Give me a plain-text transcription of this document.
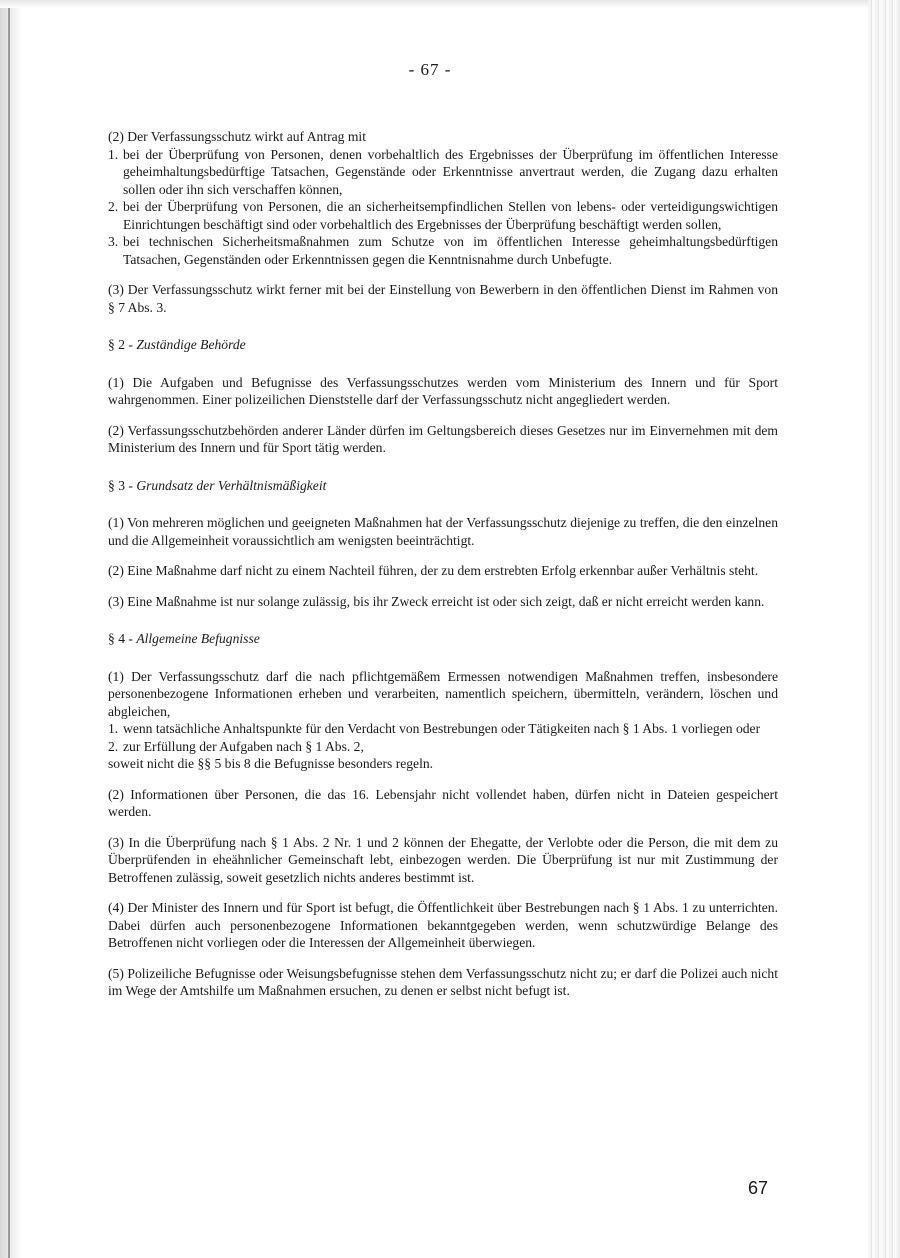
- 67 -

(2) Der Verfassungsschutz wirkt auf Antrag mit

1. bei der Überprüfung von Personen, denen vorbehaltlich des Ergebnisses der Überprüfung im öffentlichen Interesse geheimhaltungsbedürftige Tatsachen, Gegenstände oder Erkenntnisse anvertraut werden, die Zugang dazu erhalten sollen oder ihn sich verschaffen können,
2. bei der Überprüfung von Personen, die an sicherheitsempfindlichen Stellen von lebens- oder verteidigungswichtigen Einrichtungen beschäftigt sind oder vorbehaltlich des Ergebnisses der Überprüfung beschäftigt werden sollen,
3. bei technischen Sicherheitsmaßnahmen zum Schutze von im öffentlichen Interesse geheimhaltungsbedürftigen Tatsachen, Gegenständen oder Erkenntnissen gegen die Kenntnisnahme durch Unbefugte.

(3) Der Verfassungsschutz wirkt ferner mit bei der Einstellung von Bewerbern in den öffentlichen Dienst im Rahmen von § 7 Abs. 3.

§ 2 - Zuständige Behörde

(1) Die Aufgaben und Befugnisse des Verfassungsschutzes werden vom Ministerium des Innern und für Sport wahrgenommen. Einer polizeilichen Dienststelle darf der Verfassungsschutz nicht angegliedert werden.

(2) Verfassungsschutzbehörden anderer Länder dürfen im Geltungsbereich dieses Gesetzes nur im Einvernehmen mit dem Ministerium des Innern und für Sport tätig werden.

§ 3 - Grundsatz der Verhältnismäßigkeit

(1) Von mehreren möglichen und geeigneten Maßnahmen hat der Verfassungsschutz diejenige zu treffen, die den einzelnen und die Allgemeinheit voraussichtlich am wenigsten beeinträchtigt.

(2) Eine Maßnahme darf nicht zu einem Nachteil führen, der zu dem erstrebten Erfolg erkennbar außer Verhältnis steht.

(3) Eine Maßnahme ist nur solange zulässig, bis ihr Zweck erreicht ist oder sich zeigt, daß er nicht erreicht werden kann.

§ 4 - Allgemeine Befugnisse

(1) Der Verfassungsschutz darf die nach pflichtgemäßem Ermessen notwendigen Maßnahmen treffen, insbesondere personenbezogene Informationen erheben und verarbeiten, namentlich speichern, übermitteln, verändern, löschen und abgleichen,

1. wenn tatsächliche Anhaltspunkte für den Verdacht von Bestrebungen oder Tätigkeiten nach § 1 Abs. 1 vorliegen oder
2. zur Erfüllung der Aufgaben nach § 1 Abs. 2,

soweit nicht die §§ 5 bis 8 die Befugnisse besonders regeln.

(2) Informationen über Personen, die das 16. Lebensjahr nicht vollendet haben, dürfen nicht in Dateien gespeichert werden.

(3) In die Überprüfung nach § 1 Abs. 2 Nr. 1 und 2 können der Ehegatte, der Verlobte oder die Person, die mit dem zu Überprüfenden in eheähnlicher Gemeinschaft lebt, einbezogen werden. Die Überprüfung ist nur mit Zustimmung der Betroffenen zulässig, soweit gesetzlich nichts anderes bestimmt ist.

(4) Der Minister des Innern und für Sport ist befugt, die Öffentlichkeit über Bestrebungen nach § 1 Abs. 1 zu unterrichten. Dabei dürfen auch personenbezogene Informationen bekanntgegeben werden, wenn schutzwürdige Belange des Betroffenen nicht vorliegen oder die Interessen der Allgemeinheit überwiegen.

(5) Polizeiliche Befugnisse oder Weisungsbefugnisse stehen dem Verfassungsschutz nicht zu; er darf die Polizei auch nicht im Wege der Amtshilfe um Maßnahmen ersuchen, zu denen er selbst nicht befugt ist.

67
